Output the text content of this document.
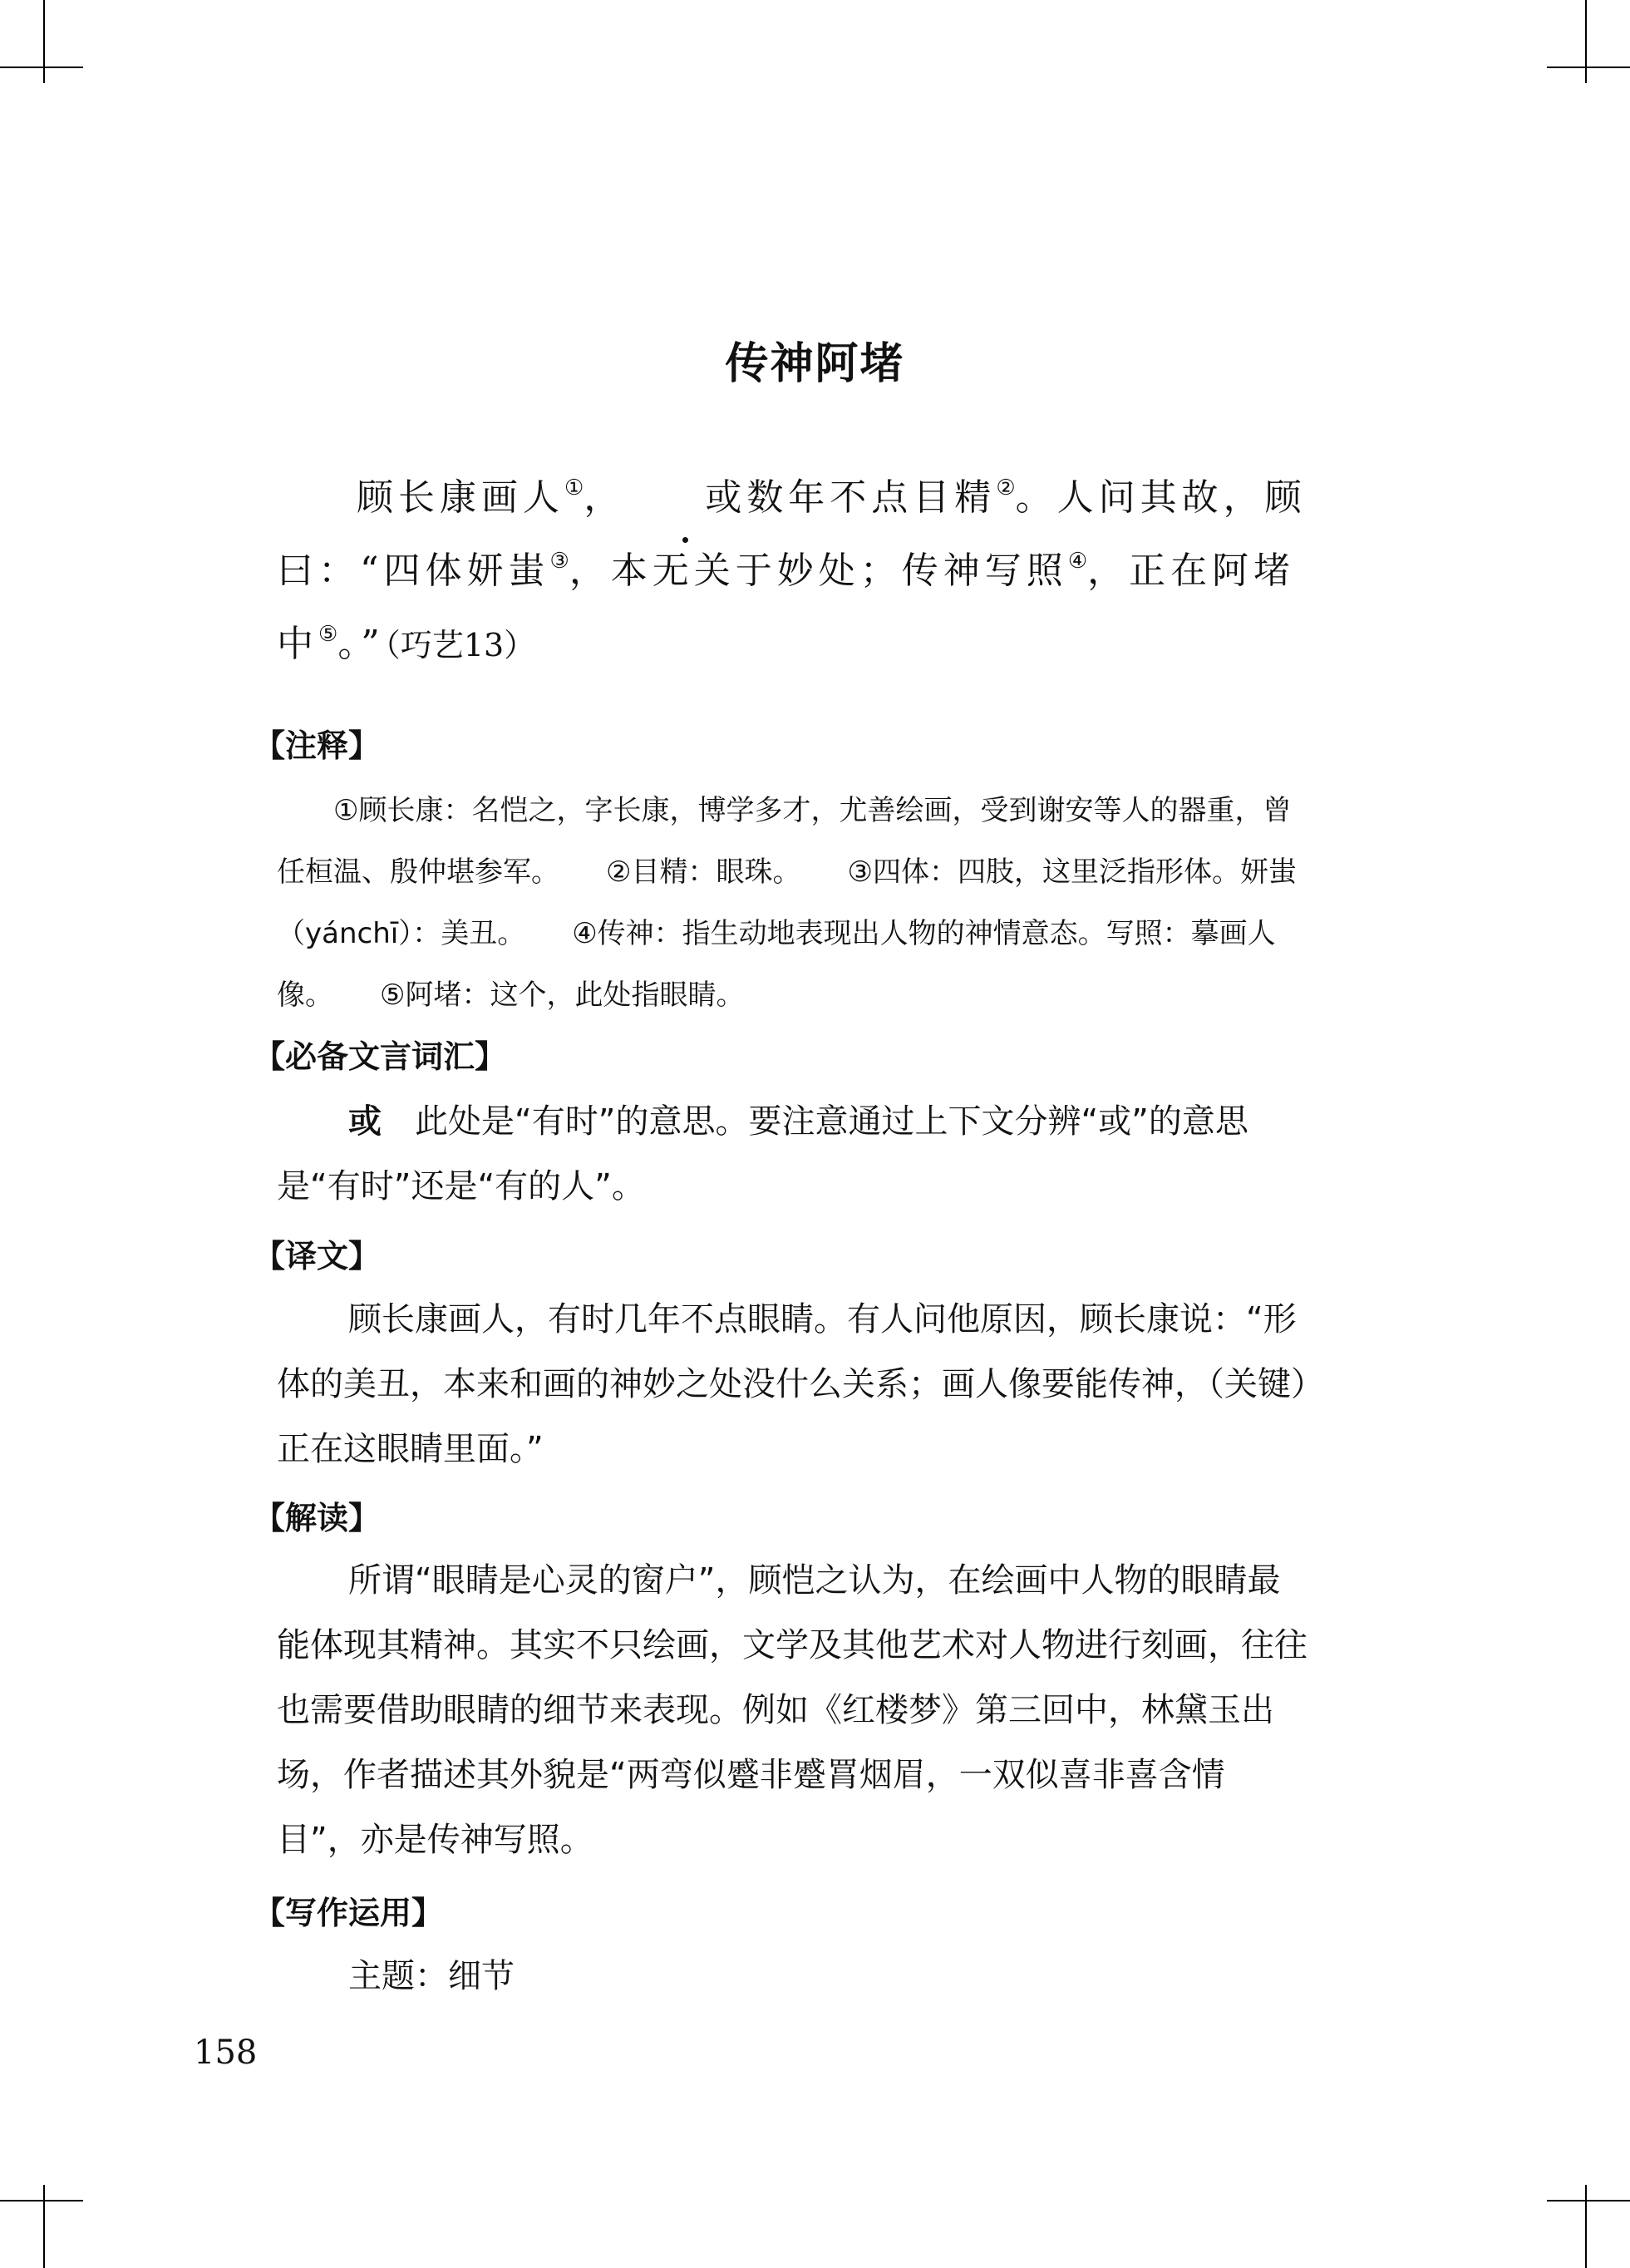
传神阿堵

顾长康画人①， 或数年不点目精②。人问其故，顾曰：“四体妍蚩③，本无关于妙处；传神写照④，正在阿堵中⑤。”（巧艺13）

【注释】

①顾长康：名恺之，字长康，博学多才，尤善绘画，受到谢安等人的器重，曾任桓温、殷仲堪参军。 ②目精：眼珠。 ③四体：四肢，这里泛指形体。妍蚩（yánchī）：美丑。 ④传神：指生动地表现出人物的神情意态。写照：摹画人像。 ⑤阿堵：这个，此处指眼睛。

【必备文言词汇】

或　 此处是“有时”的意思。要注意通过上下文分辨“或”的意思是“有时”还是“有的人”。

【译文】

顾长康画人，有时几年不点眼睛。有人问他原因，顾长康说：“形体的美丑，本来和画的神妙之处没什么关系；画人像要能传神，（关键）正在这眼睛里面。”

【解读】

所谓“眼睛是心灵的窗户”，顾恺之认为，在绘画中人物的眼睛最能体现其精神。其实不只绘画，文学及其他艺术对人物进行刻画，往往也需要借助眼睛的细节来表现。例如《红楼梦》第三回中，林黛玉出场，作者描述其外貌是“两弯似蹙非蹙罥烟眉，一双似喜非喜含情目”，亦是传神写照。

【写作运用】

主题：细节

158
